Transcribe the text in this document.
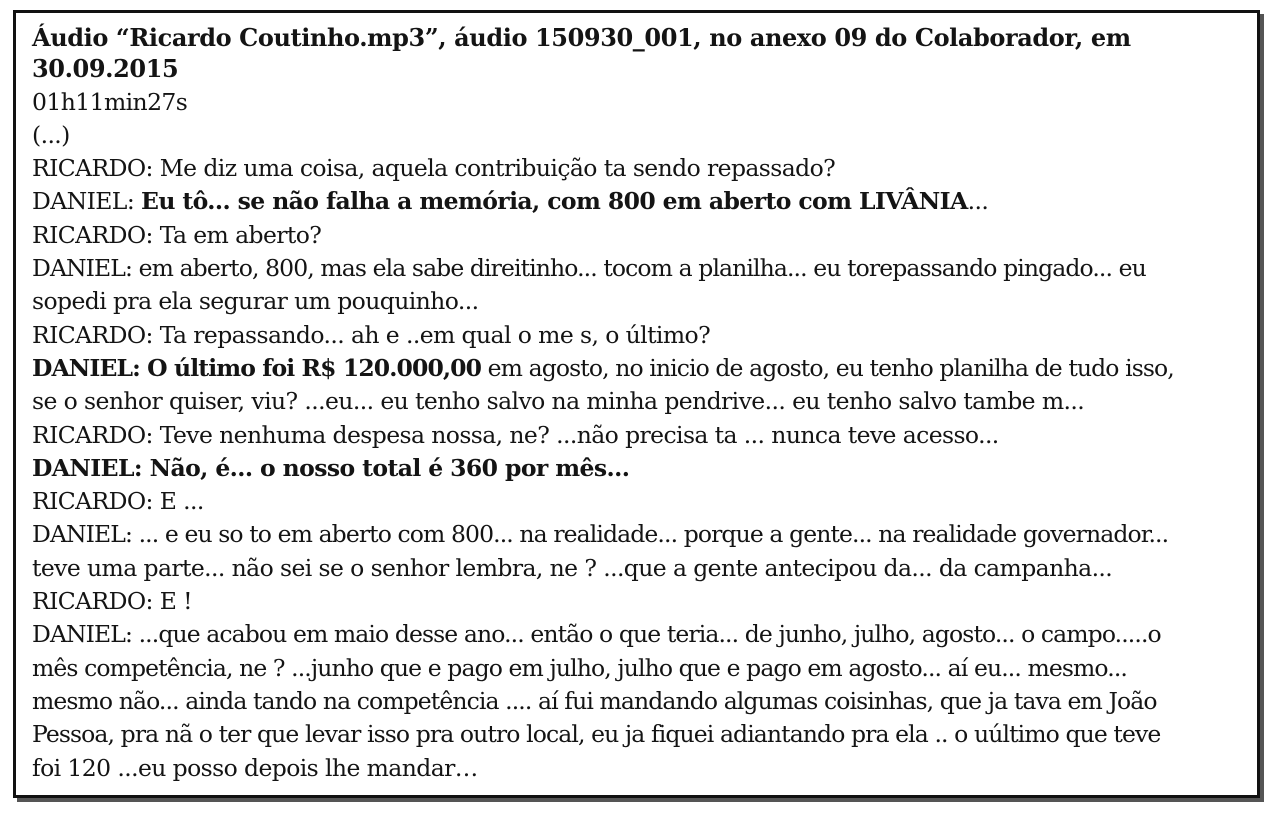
Áudio “Ricardo Coutinho.mp3”, áudio 150930_001, no anexo 09 do Colaborador, em
30.09.2015
01h11min27s
(...)
RICARDO: Me diz uma coisa, aquela contribuição ta sendo repassado?
DANIEL: Eu tô... se não falha a memória, com 800 em aberto com LIVÂNIA...
RICARDO: Ta em aberto?
DANIEL: em aberto, 800, mas ela sabe direitinho... tocom a planilha... eu torepassando pingado... eu
sopedi pra ela segurar um pouquinho...
RICARDO: Ta repassando... ah e ..em qual o me s, o último?
DANIEL: O último foi R$ 120.000,00 em agosto, no inicio de agosto, eu tenho planilha de tudo isso,
se o senhor quiser, viu? ...eu... eu tenho salvo na minha pendrive... eu tenho salvo tambe m...
RICARDO: Teve nenhuma despesa nossa, ne? ...não precisa ta ... nunca teve acesso...
DANIEL: Não, é... o nosso total é 360 por mês...
RICARDO: E ...
DANIEL: ... e eu so to em aberto com 800... na realidade... porque a gente... na realidade governador...
teve uma parte... não sei se o senhor lembra, ne ? ...que a gente antecipou da... da campanha...
RICARDO: E !
DANIEL: ...que acabou em maio desse ano... então o que teria... de junho, julho, agosto... o campo.....o
mês competência, ne ? ...junho que e pago em julho, julho que e pago em agosto... aí eu... mesmo...
mesmo não... ainda tando na competência .... aí fui mandando algumas coisinhas, que ja tava em João
Pessoa, pra nã o ter que levar isso pra outro local, eu ja fiquei adiantando pra ela .. o uúltimo que teve
foi 120 ...eu posso depois lhe mandar…
